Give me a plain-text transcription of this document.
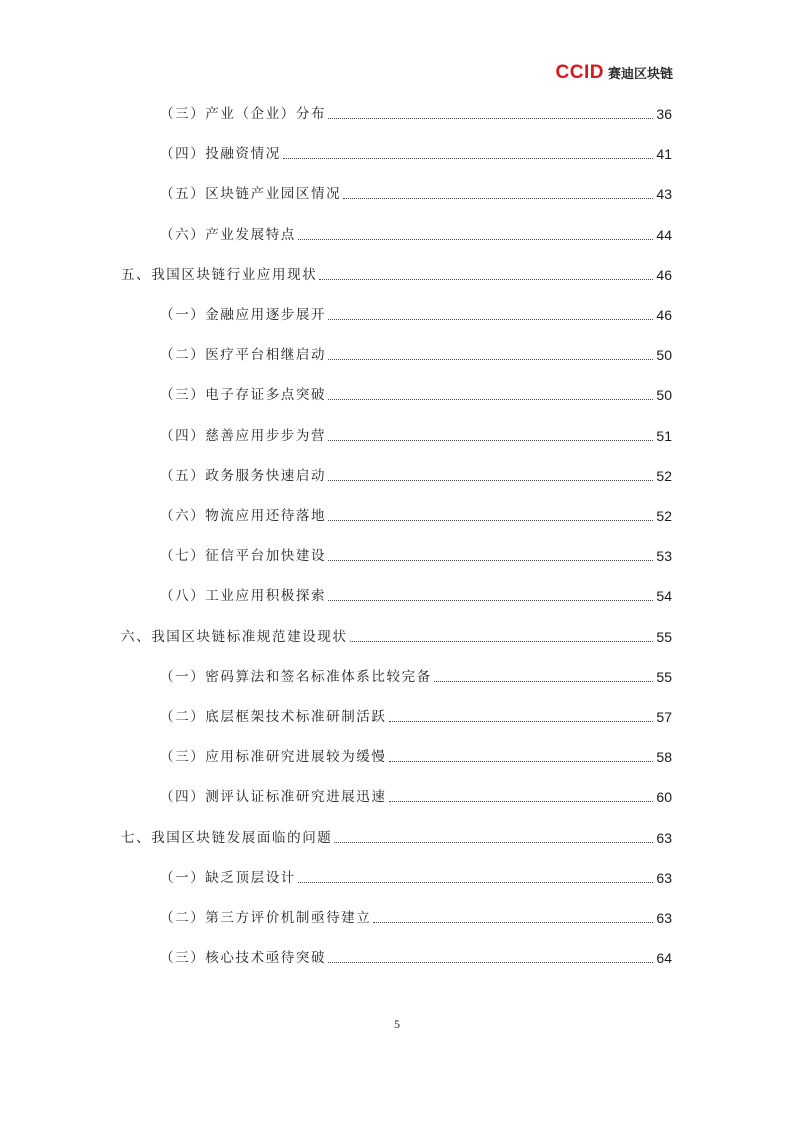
CCID 赛迪区块链
（三）产业（企业）分布	36
（四）投融资情况	41
（五）区块链产业园区情况	43
（六）产业发展特点	44
五、我国区块链行业应用现状	46
（一）金融应用逐步展开	46
（二）医疗平台相继启动	50
（三）电子存证多点突破	50
（四）慈善应用步步为营	51
（五）政务服务快速启动	52
（六）物流应用还待落地	52
（七）征信平台加快建设	53
（八）工业应用积极探索	54
六、我国区块链标准规范建设现状	55
（一）密码算法和签名标准体系比较完备	55
（二）底层框架技术标准研制活跃	57
（三）应用标准研究进展较为缓慢	58
（四）测评认证标准研究进展迅速	60
七、我国区块链发展面临的问题	63
（一）缺乏顶层设计	63
（二）第三方评价机制亟待建立	63
（三）核心技术亟待突破	64
5
